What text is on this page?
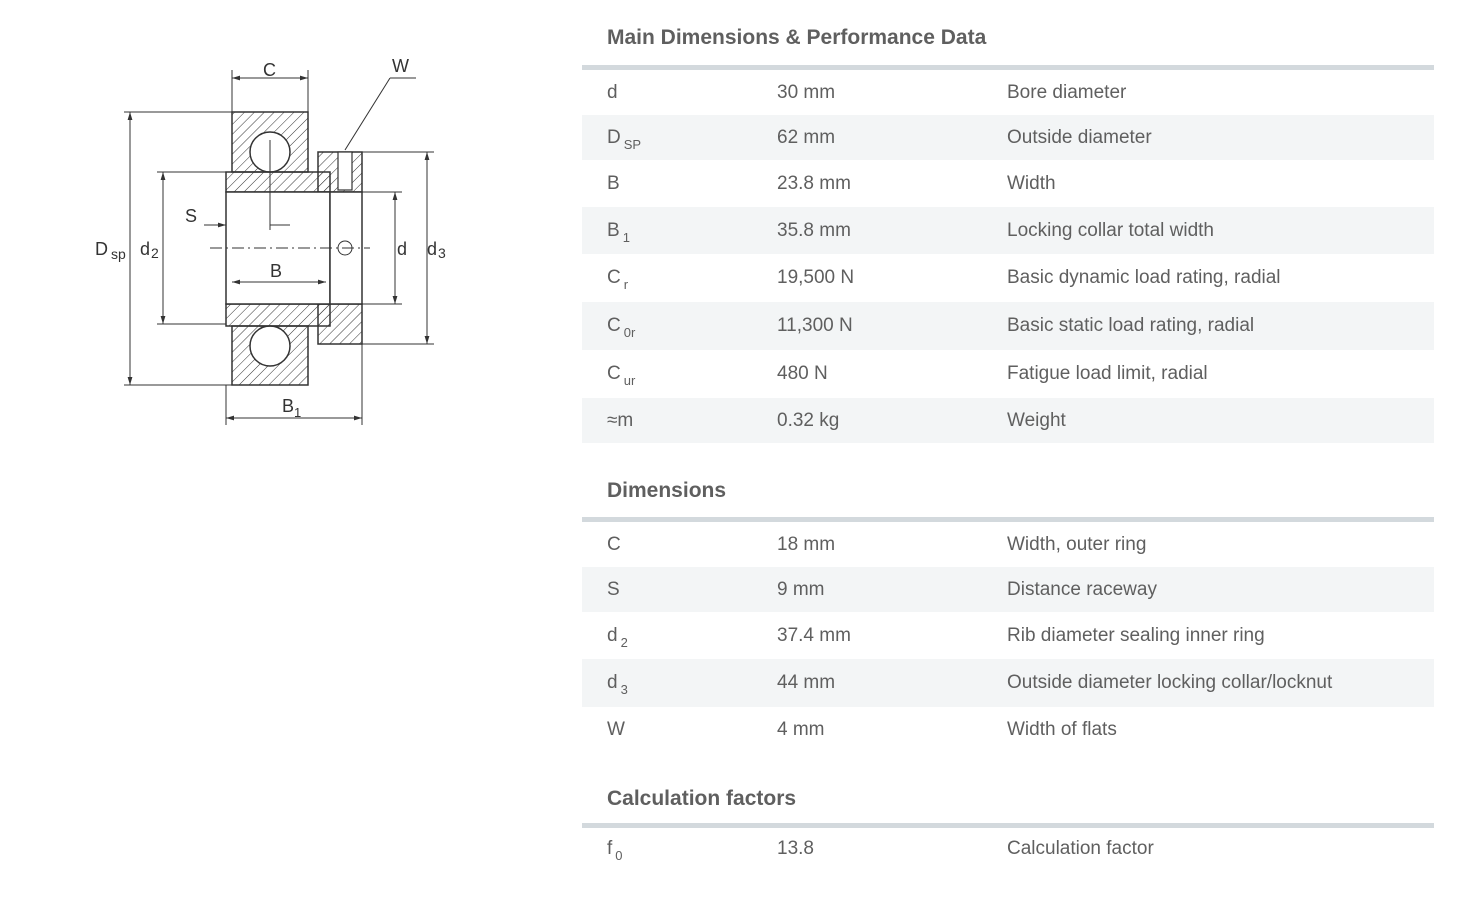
C	W
S
B
$B_1$
D $_{sp}$ d2	d d3
Main Dimensions & Performance Data
d	30 mm	Bore diameter
D $_{SP}$	62 mm	Outside diameter
B	23.8 mm	Width
B $_1$	35.8 mm	Locking collar total width
C $_r$	19,500 N	Basic dynamic load rating, radial
C $_{0r}$	11,300 N	Basic static load rating, radial
C $_{ur}$	480 N	Fatigue load limit, radial
≈m	0.32 kg	Weight
Dimensions
C	18 mm	Width, outer ring
S	9 mm	Distance raceway
d $_2$	37.4 mm	Rib diameter sealing inner ring
d $_3$	44 mm	Outside diameter locking collar/locknut
W	4 mm	Width of flats
Calculation factors
f $_0$	13.8	Calculation factor
